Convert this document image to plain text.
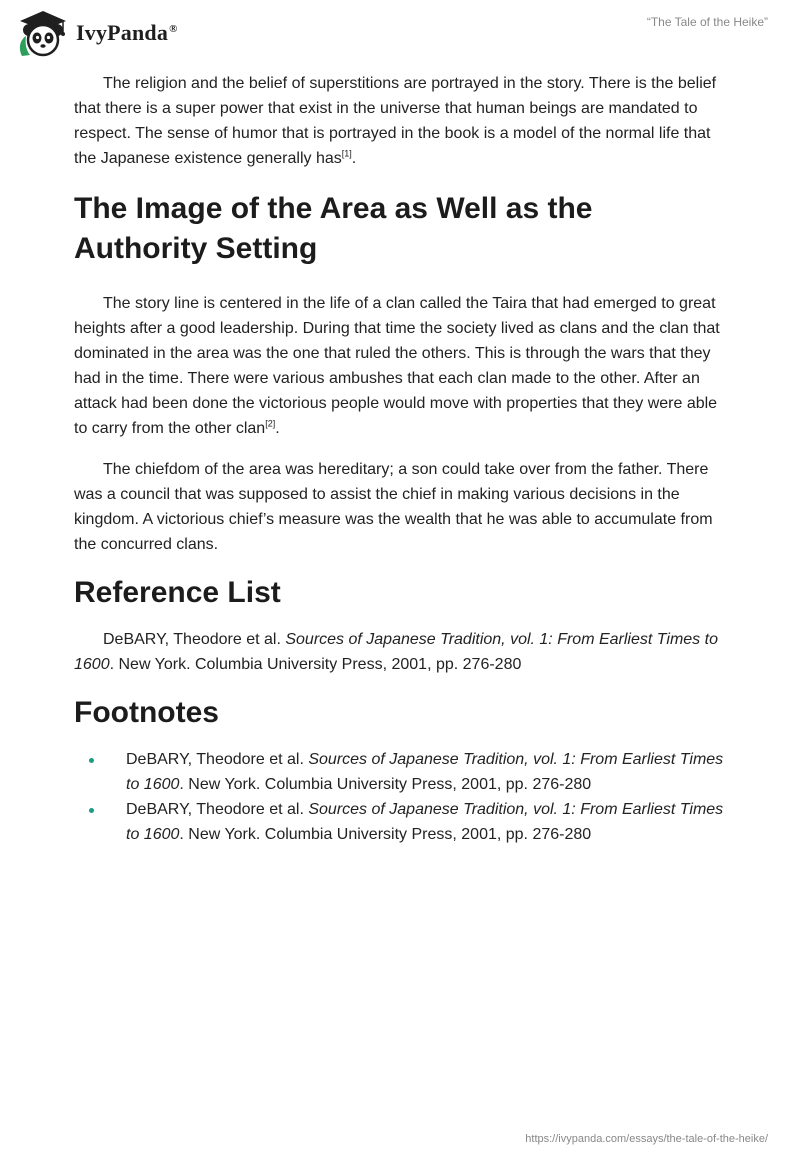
IvyPanda®	“The Tale of the Heike”

The religion and the belief of superstitions are portrayed in the story. There is the belief that there is a super power that exist in the universe that human beings are mandated to respect. The sense of humor that is portrayed in the book is a model of the normal life that the Japanese existence generally has[1].

The Image of the Area as Well as the Authority Setting

The story line is centered in the life of a clan called the Taira that had emerged to great heights after a good leadership. During that time the society lived as clans and the clan that dominated in the area was the one that ruled the others. This is through the wars that they had in the time. There were various ambushes that each clan made to the other. After an attack had been done the victorious people would move with properties that they were able to carry from the other clan[2].

The chiefdom of the area was hereditary; a son could take over from the father. There was a council that was supposed to assist the chief in making various decisions in the kingdom. A victorious chief’s measure was the wealth that he was able to accumulate from the concurred clans.

Reference List

DeBARY, Theodore et al. Sources of Japanese Tradition, vol. 1: From Earliest Times to 1600. New York. Columbia University Press, 2001, pp. 276-280

Footnotes
DeBARY, Theodore et al. Sources of Japanese Tradition, vol. 1: From Earliest Times to 1600. New York. Columbia University Press, 2001, pp. 276-280
DeBARY, Theodore et al. Sources of Japanese Tradition, vol. 1: From Earliest Times to 1600. New York. Columbia University Press, 2001, pp. 276-280
https://ivypanda.com/essays/the-tale-of-the-heike/
